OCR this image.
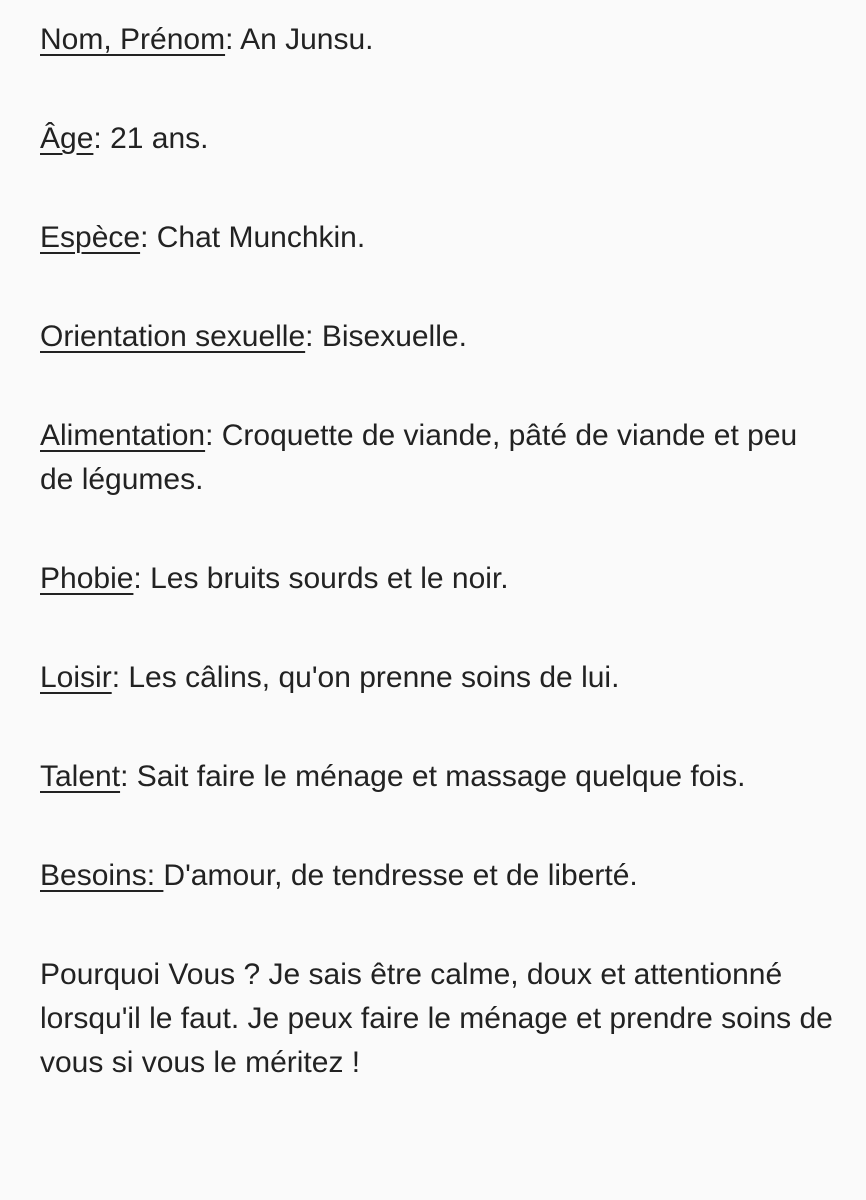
Nom, Prénom: An Junsu.

Âge: 21 ans.

Espèce: Chat Munchkin.

Orientation sexuelle: Bisexuelle.

Alimentation: Croquette de viande, pâté de viande et peu de légumes.

Phobie: Les bruits sourds et le noir.

Loisir: Les câlins, qu'on prenne soins de lui.

Talent: Sait faire le ménage et massage quelque fois.

Besoins: D'amour, de tendresse et de liberté.

Pourquoi Vous ? Je sais être calme, doux et attentionné lorsqu'il le faut. Je peux faire le ménage et prendre soins de vous si vous le méritez !
